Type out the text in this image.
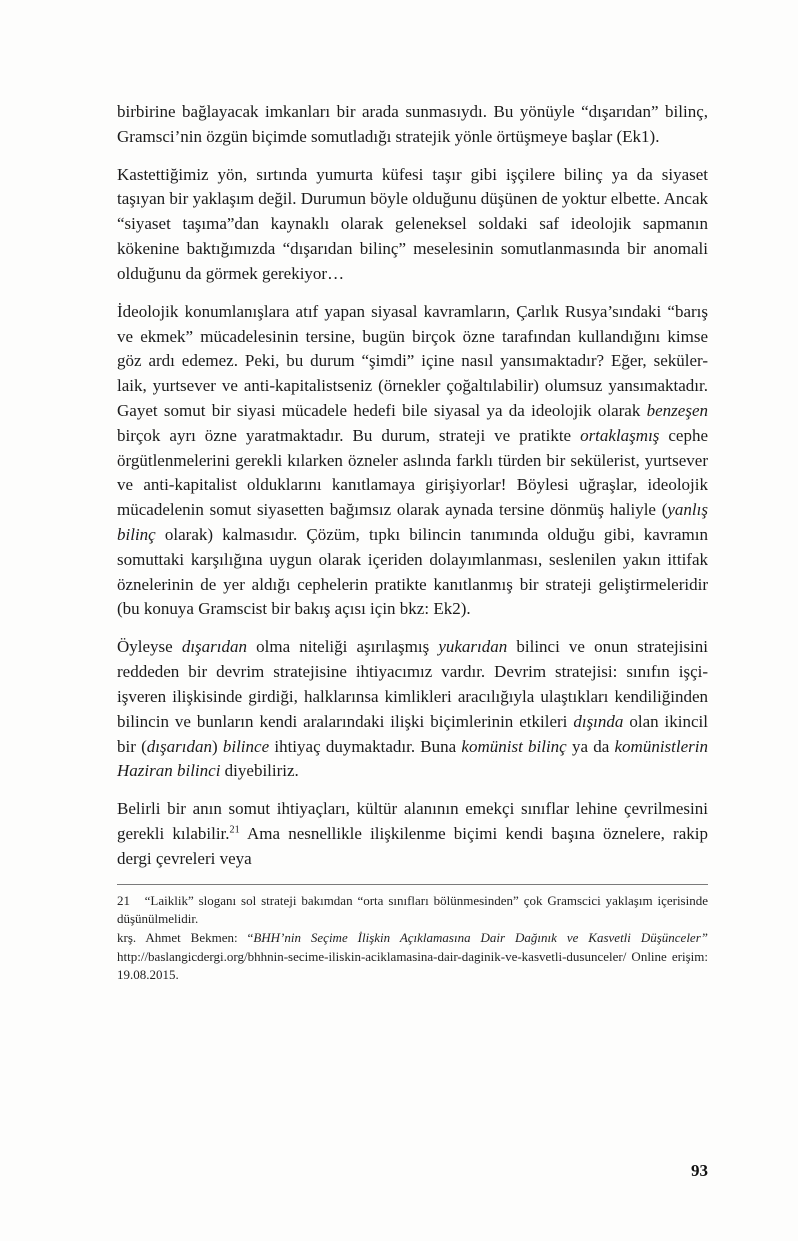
birbirine bağlayacak imkanları bir arada sunmasıydı. Bu yönüyle “dışarıdan” bilinç, Gramsci’nin özgün biçimde somutladığı stratejik yönle örtüşmeye başlar (Ek1).

Kastettiğimiz yön, sırtında yumurta küfesi taşır gibi işçilere bilinç ya da siyaset taşıyan bir yaklaşım değil. Durumun böyle olduğunu düşünen de yoktur elbette. Ancak “siyaset taşıma”dan kaynaklı olarak geleneksel soldaki saf ideolojik sapmanın kökenine baktığımızda “dışarıdan bilinç” meselesinin somutlanmasında bir anomali olduğunu da görmek gerekiyor…

İdeolojik konumlanışlara atıf yapan siyasal kavramların, Çarlık Rusya’sındaki “barış ve ekmek” mücadelesinin tersine, bugün birçok özne tarafından kullandığını kimse göz ardı edemez. Peki, bu durum “şimdi” içine nasıl yansımaktadır? Eğer, seküler-laik, yurtsever ve anti-kapitalistseniz (örnekler çoğaltılabilir) olumsuz yansımaktadır. Gayet somut bir siyasi mücadele hedefi bile siyasal ya da ideolojik olarak benzeşen birçok ayrı özne yaratmaktadır. Bu durum, strateji ve pratikte ortaklaşmış cephe örgütlenmelerini gerekli kılarken özneler aslında farklı türden bir sekülerist, yurtsever ve anti-kapitalist olduklarını kanıtlamaya girişiyorlar! Böylesi uğraşlar, ideolojik mücadelenin somut siyasetten bağımsız olarak aynada tersine dönmüş haliyle (yanlış bilinç olarak) kalmasıdır. Çözüm, tıpkı bilincin tanımında olduğu gibi, kavramın somuttaki karşılığına uygun olarak içeriden dolayımlanması, seslenilen yakın ittifak öznelerinin de yer aldığı cephelerin pratikte kanıtlanmış bir strateji geliştirmeleridir (bu konuya Gramscist bir bakış açısı için bkz: Ek2).

Öyleyse dışarıdan olma niteliği aşırılaşmış yukarıdan bilinci ve onun stratejisini reddeden bir devrim stratejisine ihtiyacımız vardır. Devrim stratejisi: sınıfın işçi-işveren ilişkisinde girdiği, halklarınsa kimlikleri aracılığıyla ulaştıkları kendiliğinden bilincin ve bunların kendi aralarındaki ilişki biçimlerinin etkileri dışında olan ikincil bir (dışarıdan) bilince ihtiyaç duymaktadır. Buna komünist bilinç ya da komünistlerin Haziran bilinci diyebiliriz.

Belirli bir anın somut ihtiyaçları, kültür alanının emekçi sınıflar lehine çevrilmesini gerekli kılabilir.$^{21}$ Ama nesnellikle ilişkilenme biçimi kendi başına öznelere, rakip dergi çevreleri veya

21   “Laiklik” sloganı sol strateji bakımdan “orta sınıfları bölünmesinden” çok Gramscici yaklaşım içerisinde düşünülmelidir.

krş. Ahmet Bekmen: “BHH’nin Seçime İlişkin Açıklamasına Dair Dağınık ve Kasvetli Düşünceler” http://baslangicdergi.org/bhhnin-secime-iliskin-aciklamasina-dair-daginik-ve-kasvetli-dusunceler/ Online erişim: 19.08.2015.

93
